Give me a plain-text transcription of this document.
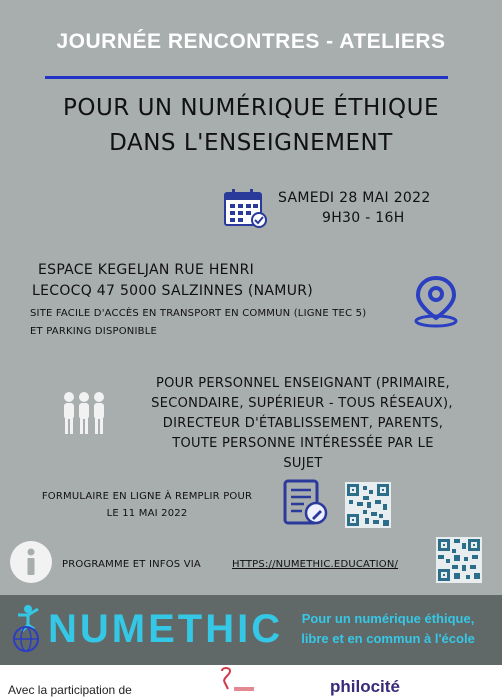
JOURNÉE RENCONTRES - ATELIERS
POUR UN NUMÉRIQUE ÉTHIQUE
DANS L'ENSEIGNEMENT
SAMEDI 28 MAI 2022
9H30 - 16H
ESPACE KEGELJAN RUE HENRI
LECOCQ 47 5000 SALZINNES (NAMUR)
SITE FACILE D'ACCÈS EN TRANSPORT EN COMMUN (LIGNE TEC 5)
ET PARKING DISPONIBLE
POUR PERSONNEL ENSEIGNANT (PRIMAIRE,
SECONDAIRE, SUPÉRIEUR - TOUS RÉSEAUX),
DIRECTEUR D'ÉTABLISSEMENT, PARENTS,
TOUTE PERSONNE INTÉRESSÉE PAR LE
SUJET
FORMULAIRE EN LIGNE À REMPLIR POUR
LE 11 MAI 2022
PROGRAMME ET INFOS VIA	HTTPS://NUMETHIC.EDUCATION/
NUMETHIC	Pour un numérique éthique,
libre et en commun à l'école
Avec la participation de	philocité
